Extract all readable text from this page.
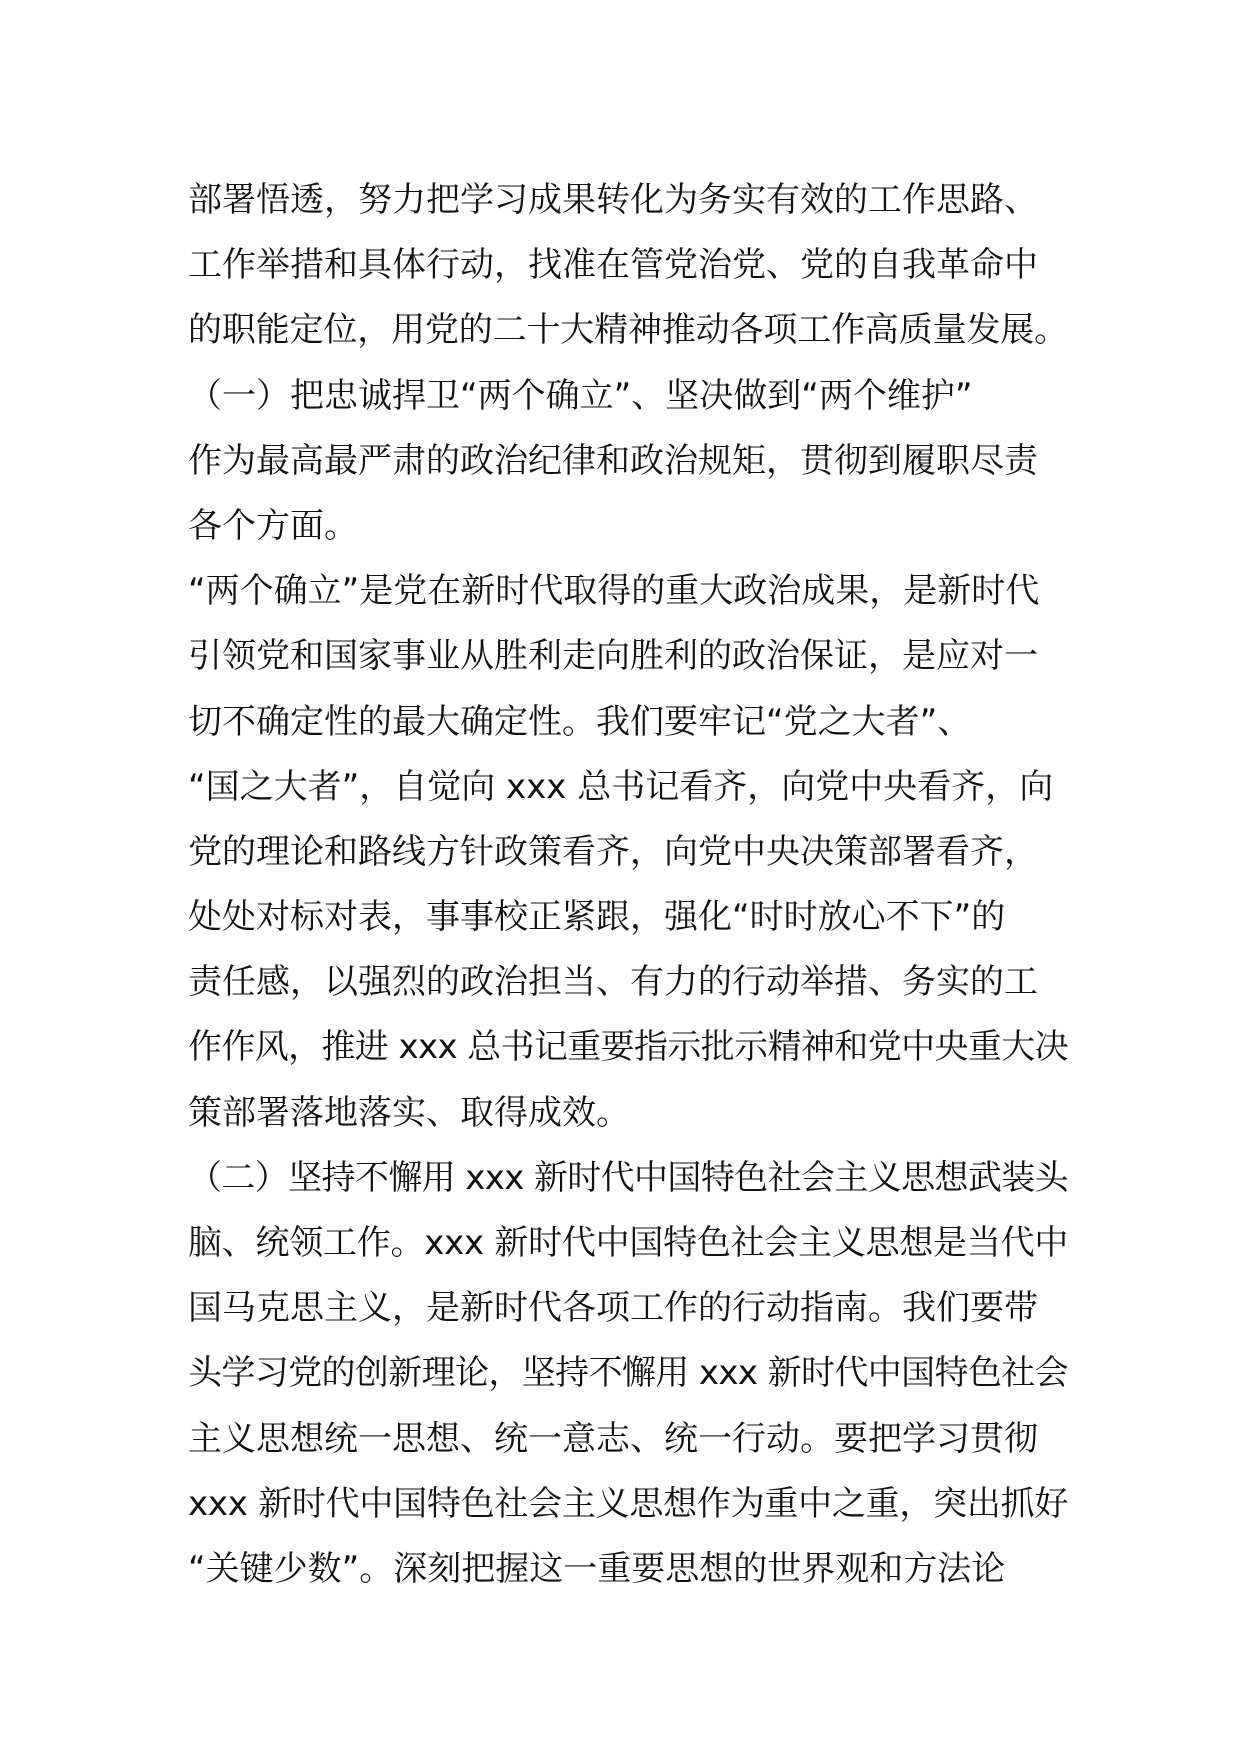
部署悟透，努力把学习成果转化为务实有效的工作思路、
工作举措和具体行动，找准在管党治党、党的自我革命中
的职能定位，用党的二十大精神推动各项工作高质量发展。
（一）把忠诚捍卫“两个确立”、坚决做到“两个维护”
作为最高最严肃的政治纪律和政治规矩，贯彻到履职尽责
各个方面。
“两个确立”是党在新时代取得的重大政治成果，是新时代
引领党和国家事业从胜利走向胜利的政治保证，是应对一
切不确定性的最大确定性。我们要牢记“党之大者”、
“国之大者”，自觉向 xxx 总书记看齐，向党中央看齐，向
党的理论和路线方针政策看齐，向党中央决策部署看齐，
处处对标对表，事事校正紧跟，强化“时时放心不下”的
责任感，以强烈的政治担当、有力的行动举措、务实的工
作作风，推进 xxx 总书记重要指示批示精神和党中央重大决
策部署落地落实、取得成效。
（二）坚持不懈用 xxx 新时代中国特色社会主义思想武装头
脑、统领工作。xxx 新时代中国特色社会主义思想是当代中
国马克思主义，是新时代各项工作的行动指南。我们要带
头学习党的创新理论，坚持不懈用 xxx 新时代中国特色社会
主义思想统一思想、统一意志、统一行动。要把学习贯彻
xxx 新时代中国特色社会主义思想作为重中之重，突出抓好
“关键少数”。深刻把握这一重要思想的世界观和方法论
